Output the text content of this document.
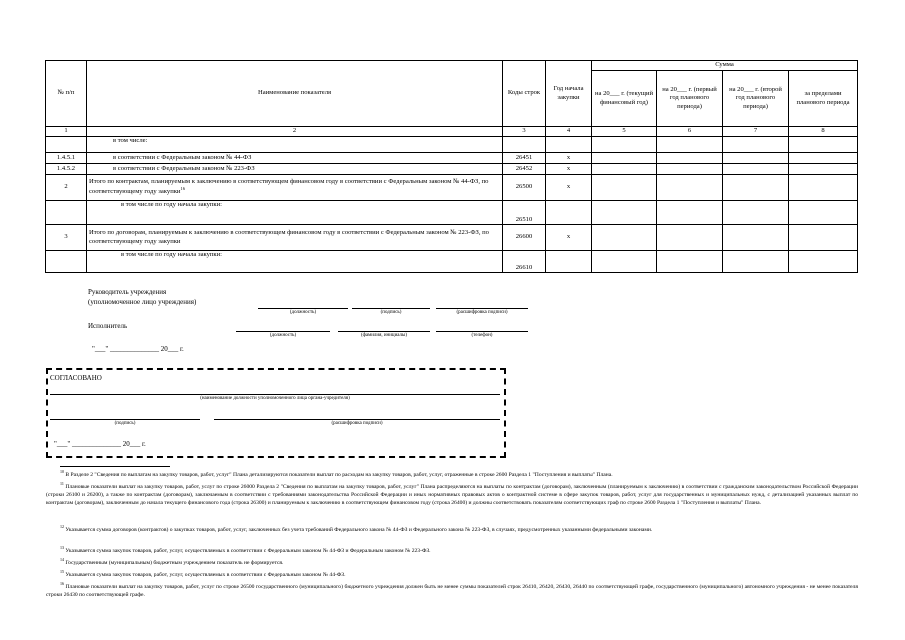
№ п/п	Наименование показателя	Коды строк	Год начала закупки	Сумма			
				на 20___ г. (текущий финансовый год)	на 20___ г. (первый год планового периода)	на 20___ г. (второй год планового периода)	за пределами планового периода
1	2	3	4	5	6	7	8
	в том числе:						
1.4.5.1	в соответствии с Федеральным законом № 44-ФЗ	26451	x				
1.4.5.2	в соответствии с Федеральным законом № 223-ФЗ	26452	x				
2	Итого по контрактам, планируемым к заключению в соответствующем финансовом году в соответствии с Федеральным законом № 44-ФЗ, по соответствующему году закупки$^{16}$	26500	x				
	в том числе по году начала закупки:	26510					
3	Итого по договорам, планируемым к заключению в соответствующем финансовом году в соответствии с Федеральным законом № 223-ФЗ, по соответствующему году закупки	26600	x				
	в том числе по году начала закупки:	26610					
Руководитель учреждения
(уполномоченное лицо учреждения)
(должность)	(подпись)	(расшифровка подписи)
Исполнитель
(должность)	(фамилия, инициалы)	(телефон)
"___" ______________ 20___ г.
СОГЛАСОВАНО
(наименование должности уполномоченного лица органа-учредителя)
(подпись)	(расшифровка подписи)
"___" ______________ 20___ г.
$^{10}$ В Разделе 2 "Сведения по выплатам на закупку товаров, работ, услуг" Плана детализируются показатели выплат по расходам на закупку товаров, работ, услуг, отраженные в строке 2600 Раздела 1 "Поступления и выплаты" Плана.
$^{11}$ Плановые показатели выплат на закупку товаров, работ, услуг по строке 26000 Раздела 2 "Сведения по выплатам на закупку товаров, работ, услуг" Плана распределяются на выплаты по контрактам (договорам), заключенным (планируемым к заключению) в соответствии с гражданским законодательством Российской Федерации (строки 26100 и 26200), а также по контрактам (договорам), заключаемым в соответствии с требованиями законодательства Российской Федерации и иных нормативных правовых актов о контрактной системе в сфере закупок товаров, работ, услуг для государственных и муниципальных нужд, с детализацией указанных выплат по контрактам (договорам), заключенным до начала текущего финансового года (строка 26300) и планируемым к заключению в соответствующем финансовом году (строка 26400) и должны соответствовать показателям соответствующих граф по строке 2600 Раздела 1 "Поступления и выплаты" Плана.
$^{12}$ Указывается сумма договоров (контрактов) о закупках товаров, работ, услуг, заключенных без учета требований Федерального закона № 44-ФЗ и Федерального закона № 223-ФЗ, в случаях, предусмотренных указанными федеральными законами.
$^{13}$ Указывается сумма закупок товаров, работ, услуг, осуществляемых в соответствии с Федеральным законом № 44-ФЗ и Федеральным законом № 223-ФЗ.
$^{14}$ Государственным (муниципальным) бюджетным учреждением показатель не формируется.
$^{15}$ Указывается сумма закупок товаров, работ, услуг, осуществляемых в соответствии с Федеральным законом № 44-ФЗ.
$^{16}$ Плановые показатели выплат на закупку товаров, работ, услуг по строке 26500 государственного (муниципального) бюджетного учреждения должен быть не менее суммы показателей строк 26410, 26420, 26430, 26440 по соответствующей графе, государственного (муниципального) автономного учреждения - не менее показателя строки 26430 по соответствующей графе.
